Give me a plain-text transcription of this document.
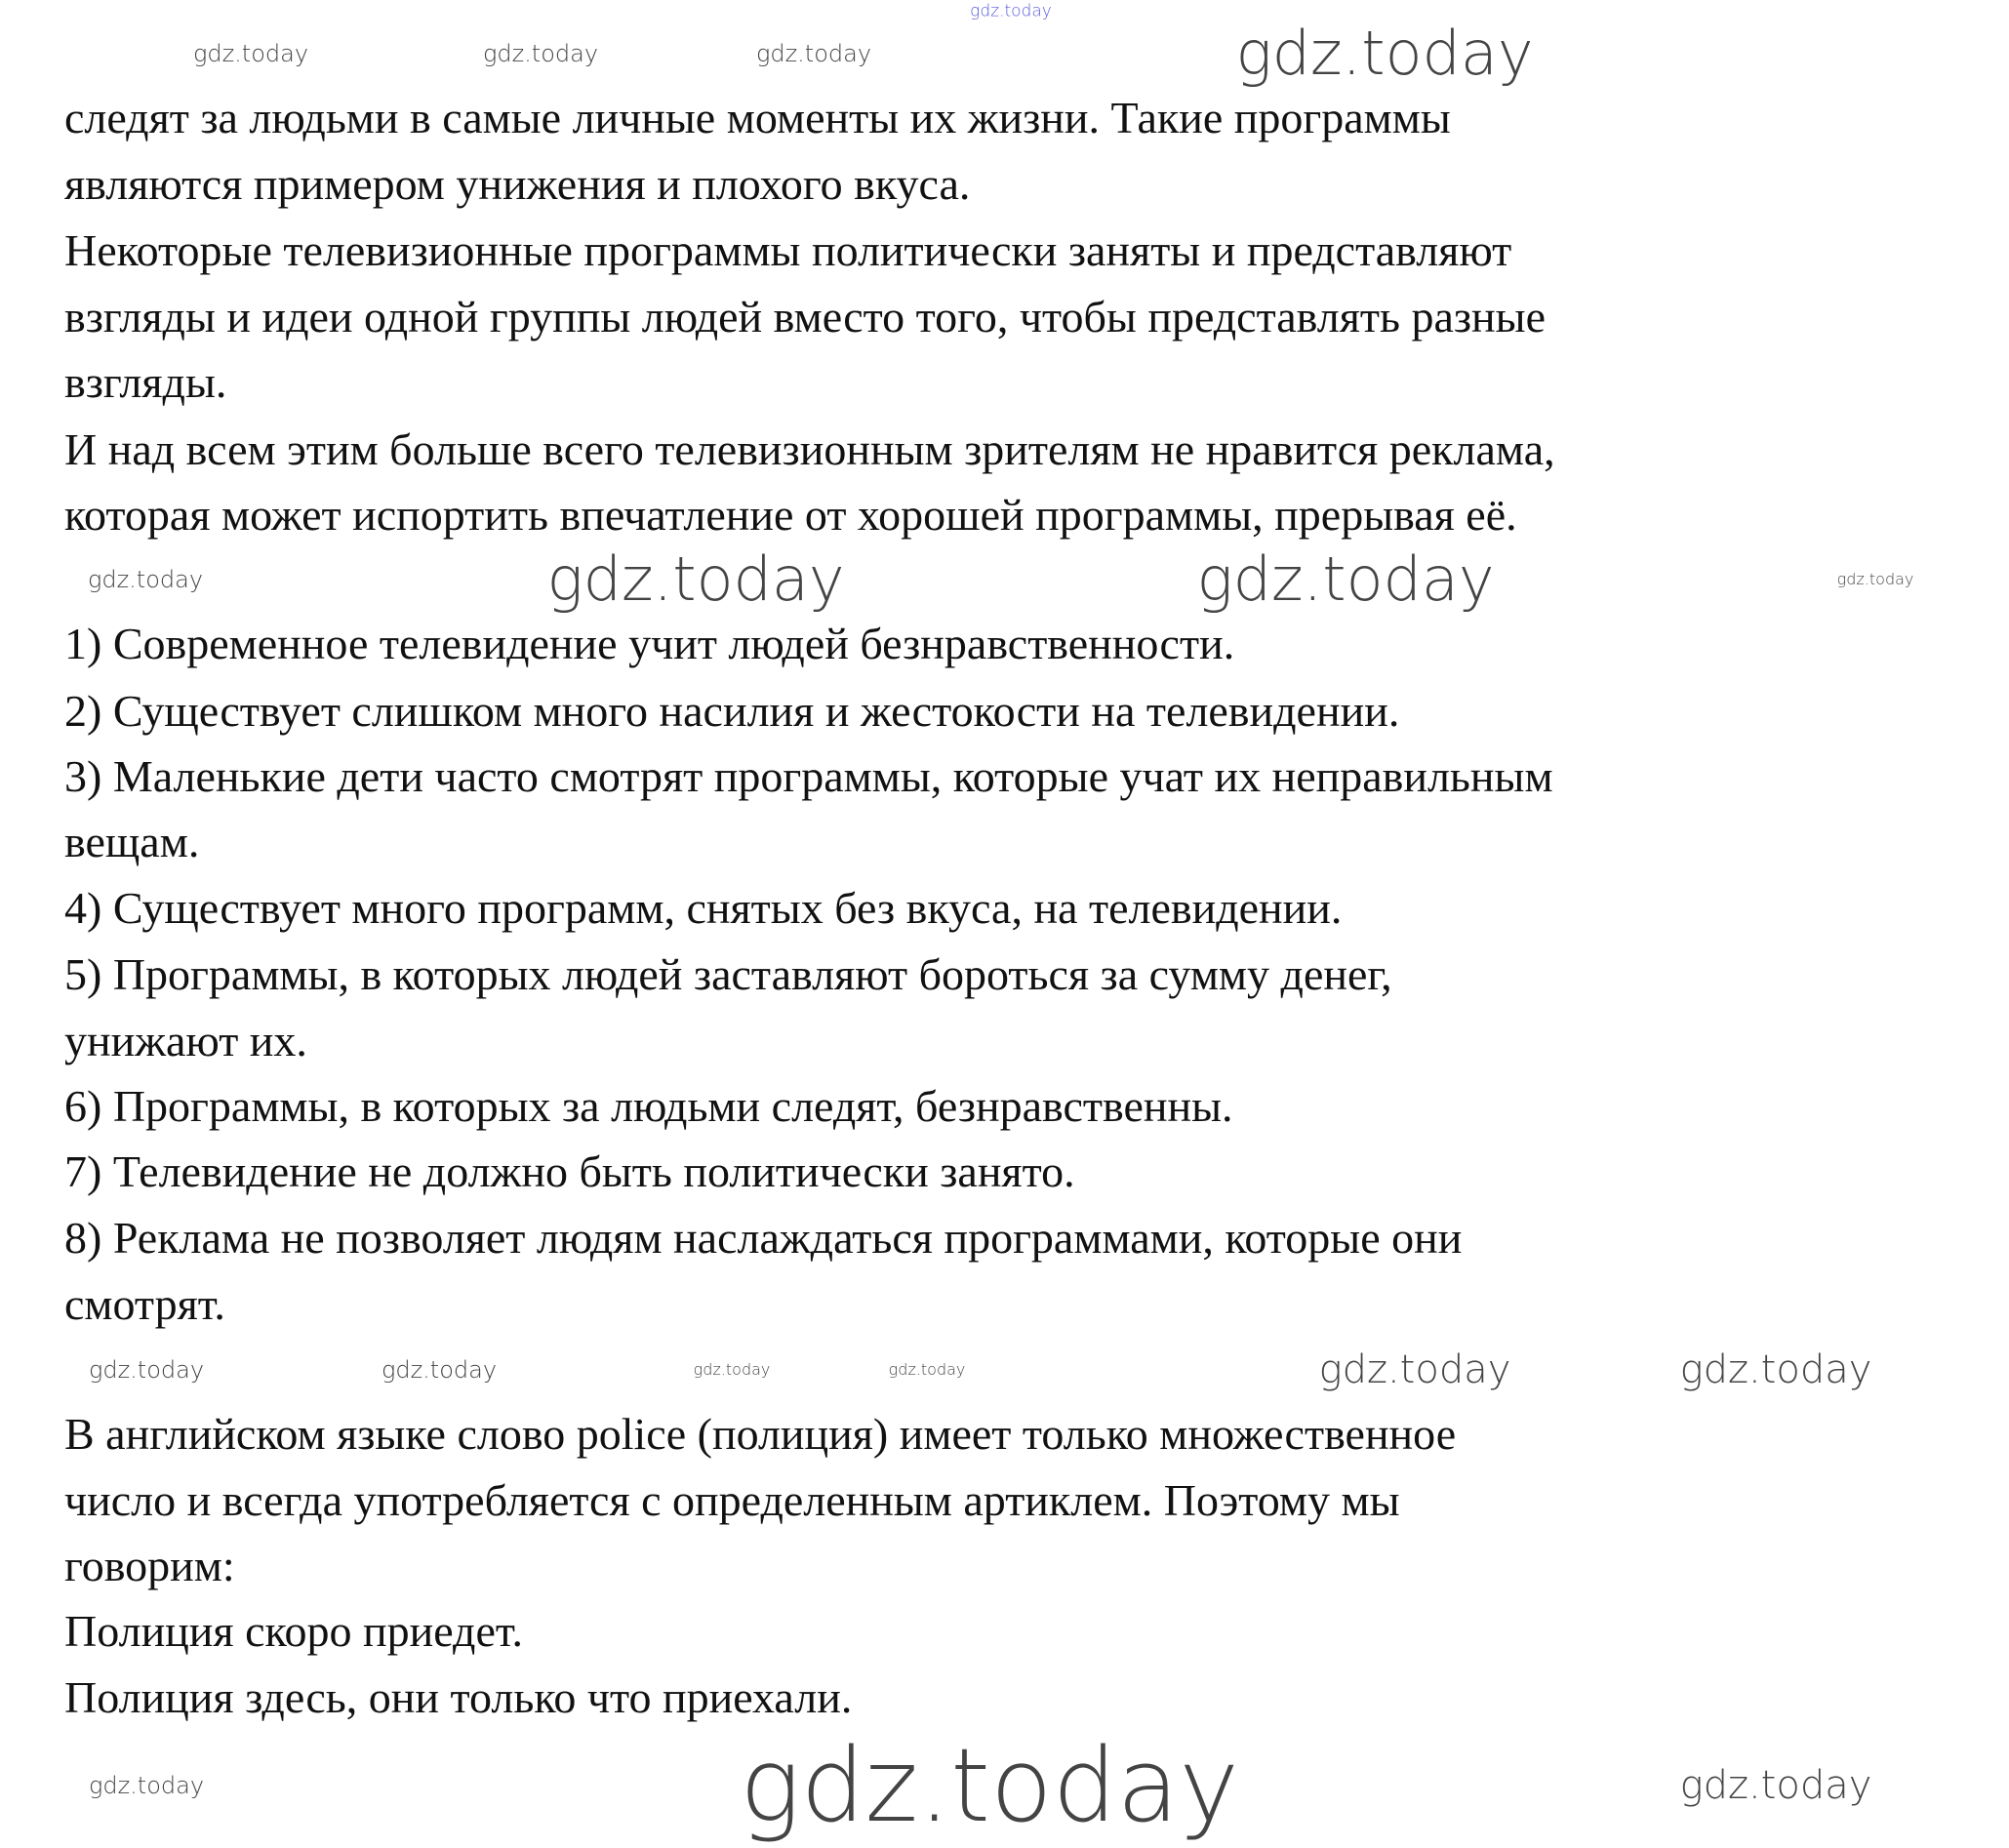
следят за людьми в самые личные моменты их жизни. Такие программы
являются примером унижения и плохого вкуса.
Некоторые телевизионные программы политически заняты и представляют
взгляды и идеи одной группы людей вместо того, чтобы представлять разные
взгляды.
И над всем этим больше всего телевизионным зрителям не нравится реклама,
которая может испортить впечатление от хорошей программы, прерывая её.
1) Современное телевидение учит людей безнравственности.
2) Существует слишком много насилия и жестокости на телевидении.
3) Маленькие дети часто смотрят программы, которые учат их неправильным
вещам.
4) Существует много программ, снятых без вкуса, на телевидении.
5) Программы, в которых людей заставляют бороться за сумму денег,
унижают их.
6) Программы, в которых за людьми следят, безнравственны.
7) Телевидение не должно быть политически занято.
8) Реклама не позволяет людям наслаждаться программами, которые они
смотрят.
В английском языке слово police (полиция) имеет только множественное
число и всегда употребляется с определенным артиклем. Поэтому мы
говорим:
Полиция скоро приедет.
Полиция здесь, они только что приехали.
gdz.today
gdz.today	gdz.today	gdz.today	gdz.today
gdz.today	gdz.today	gdz.today	gdz.today
gdz.today	gdz.today	gdz.today	gdz.today	gdz.today	gdz.today
gdz.today	gdz.today	gdz.today
